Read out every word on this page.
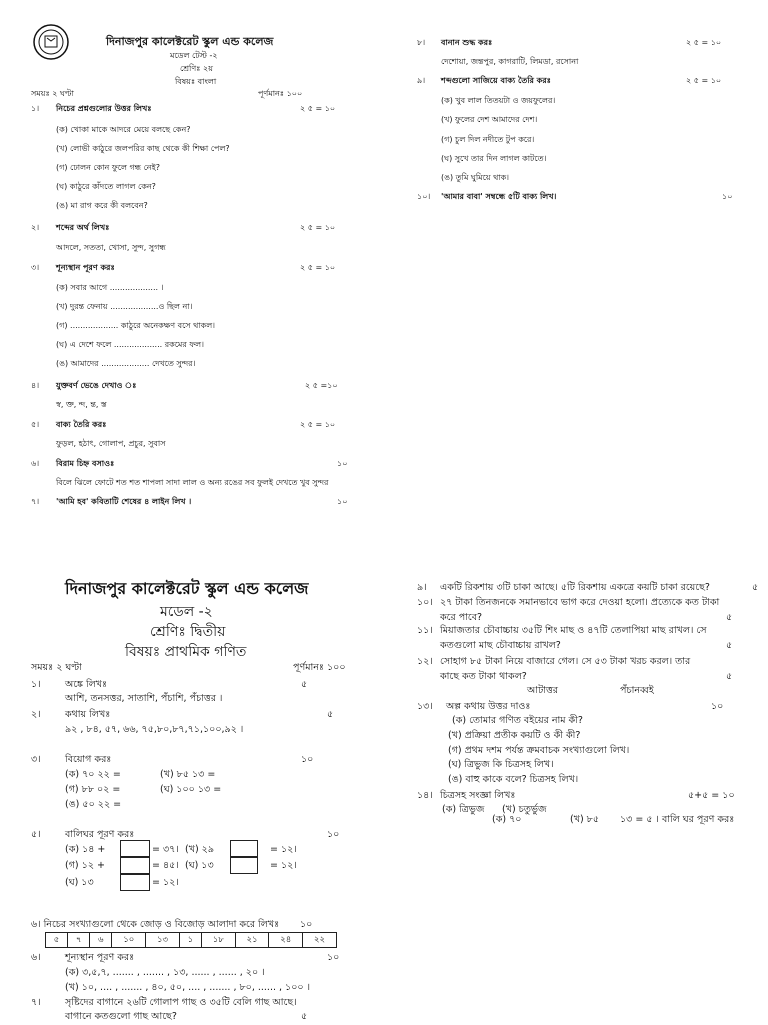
দিনাজপুর কালেক্টরেট স্কুল এন্ড কলেজ
মডেল টেস্ট -২
শ্রেণিঃ ২য়
বিষয়ঃ বাংলা
সময়ঃ ২ ঘণ্টা	পূর্ণমানঃ ১০০
১। নিচের প্রশ্নগুলোর উত্তর লিখঃ	২ ৫ = ১০
(ক) খোকা মাকে আদরে মেয়ে বলছে কেন?
(খ) লোভী কাঠুরে জলপরির কাছ থেকে কী শিক্ষা পেল?
(গ) ঢোলন কোন ফুলে গন্ধ নেই?
(ঘ) কাঠুরে কাঁদতে লাগল কেন?
(ঙ) মা রাগ করে কী বলবেন?
২। শব্দের অর্থ লিখঃ	২ ৫ = ১০
আদলে, সততা, খোসা, সুন্দ, সুগন্ধ
৩। শূন্যস্থান পূরণ করঃ	২ ৫ = ১০
(ক) সবার আগে ................... ।
(খ) দুরন্ত ফেনায় ...................ও ছিল না।
(গ) ................... কাঠুরে অনেকক্ষণ বসে থাকল।
(ঘ) এ দেশে ফলে ................... রকমের ফল।
(ঙ) আমাদের ................... দেখতে সুন্দর।
৪। যুক্তবর্ণ ভেঙে দেখাও ঃ	২ ৫ =১০
স্ব, ক্ত, ন্দ, ন্ত, স্ত
৫। বাক্য তৈরি করঃ	২ ৫ = ১০
ফুড়ল, হঠাৎ, গোলাপ, প্রচুর, সুবাস
৬। বিরাম চিহ্ন বসাওঃ	১০
বিলে ঝিলে ফোটে শত শত শাপলা সাদা লাল ও অন্য রঙের সব ফুলই দেখতে খুব সুন্দর
৭। 'আমি হব' কবিতাটি শেষের ৪ লাইন লিখ ।	১০
৮। বানান শুদ্ধ করঃ	২ ৫ = ১০
দেশোয়া, জন্তপুর, কাগরাটি, লিমডা, রসোনা
৯। শব্দগুলো সাজিয়ে বাক্য তৈরি করঃ	২ ৫ = ১০
(ক) খুব লাল তিতয়টা ও জয়ফুলের।
(খ) ফুলের দেশ আমাদের দেশ।
(গ) চুল দিল নদীতে টুপ করে।
(ঘ) সুখে তার দিন লাগল কাটতে।
(ঙ) তুমি ঘুমিয়ে থাক।
১০। 'আমার বাবা' সম্বন্ধে ৫টি বাক্য লিখ।	১০
দিনাজপুর কালেক্টরেট স্কুল এন্ড কলেজ
মডেল -২
শ্রেণিঃ দ্বিতীয়
বিষয়ঃ প্রাথমিক গণিত
সময়ঃ ২ ঘণ্টা	পূর্ণমানঃ ১০০
১।	অঙ্কে লিখঃ	৫
আশি, তনসত্তর, সাতাশি, পঁচাশি, পঁচাত্তর ।
২।	কথায় লিখঃ	৫
৯২ , ৮৪, ৫৭, ৬৬, ৭৫,৮০,৮৭,৭১,১০০,৯২ ।
৩।	বিয়োগ করঃ	১০
(ক) ৭০ ২২ =	(খ) ৮৫ ১৩ =
(গ) ৮৮ ০২ =	(ঘ) ১০০ ১৩ =
(ঙ) ৫০ ২২ =
৫।	বালিঘর পূরণ করঃ	১০
(ক) ১৪ +	= ৩৭। (খ) ২৯	= ১২।
(গ) ১২ +	= ৪৫। (ঘ) ১৩	= ১২।
(ঘ) ১৩	= ১২।
৬। নিচের সংখ্যাগুলো থেকে জোড় ও বিজোড় আলাদা করে লিখঃ ১০
৫	৭	৬	১০	১৩	১	১৮	২১	২৪	২২
৬।	শূন্যস্থান পূরণ করঃ	১০
(ক) ৩,৫,৭, ....... , ....... , ১৩, ...... , ...... , ২০ ।
(খ) ১০, .... , ....... , ৪০, ৫০, .... , ....... , ৮০, ...... , ১০০ ।
৭।	সৃষ্টিদের বাগানে ২৬টি গোলাপ গাছ ও ৩৫টি বেলি গাছ আছে।
বাগানে কতগুলো গাছ আছে?	৫
৯। একটি রিকশায় ৩টি চাকা আছে। ৫টি রিকশায় একত্রে কয়টি চাকা রয়েছে?	৫
১০। ২৭ টাকা তিনজনকে সমানভাবে ভাগ করে দেওয়া হলো। প্রত্যেকে কত টাকা
করে পাবে?	৫
১১। মিয়াজতার চৌবাচ্চায় ৩৫টি শিং মাছ ও ৪৭টি তেলাপিয়া মাছ রাখল। সে
কতগুলো মাছ চৌবাচ্চায় রাখল?	৫
১২। সোহাগ ৮৫ টাকা নিয়ে বাজারে গেল। সে ৫৩ টাকা খরচ করল। তার
কাছে কত টাকা থাকল?	৫
আটাত্তর	পঁচানব্বই
১৩। অল্প কথায় উত্তর দাওঃ	১০
(ক) তোমার গণিত বইয়ের নাম কী?
(খ) প্রক্রিয়া প্রতীক কয়টি ও কী কী?
(গ) প্রথম দশম পর্যন্ত ক্রমবাচক সংখ্যাগুলো লিখ।
(ঘ) ত্রিভুজ কি চিত্রসহ লিখ।
(ঙ) বাহু কাকে বলে? চিত্রসহ লিখ।
১৪। চিত্রসহ সংজ্ঞা লিখঃ	৫+৫ = ১০
(ক) ত্রিভুজ (খ) চতুর্ভুজ
(ক) ৭০	(খ) ৮৫ ১৩ = ৫ । বালি ঘর পূরণ করঃ
